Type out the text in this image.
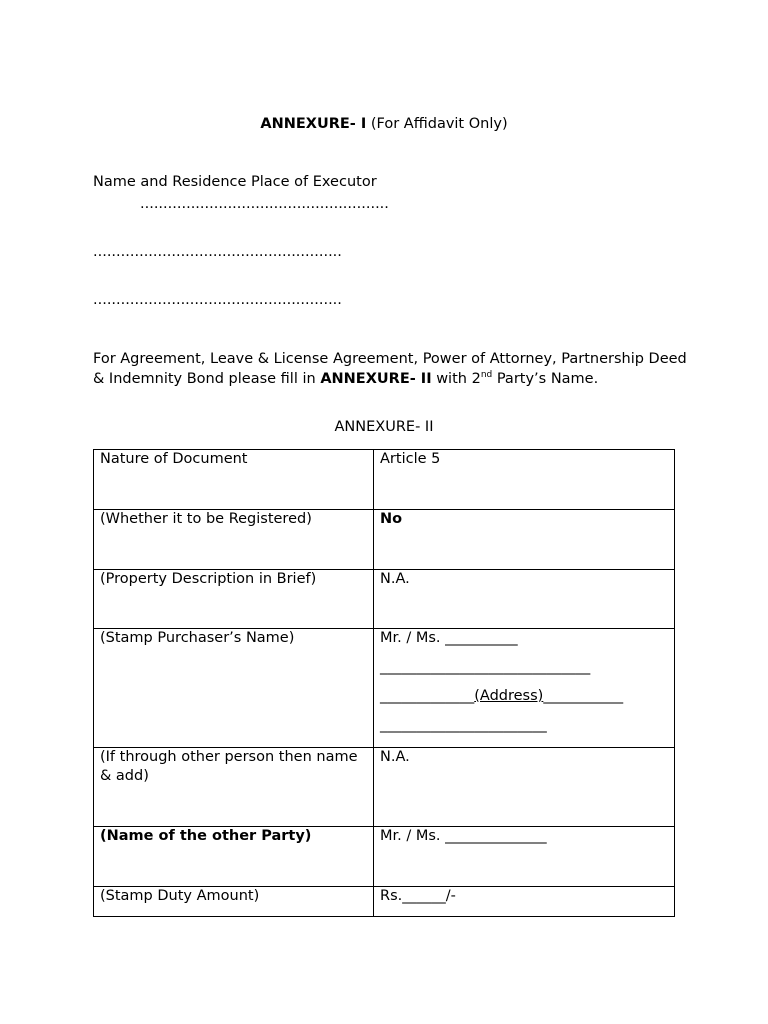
ANNEXURE- I (For Affidavit Only)
Name and Residence Place of Executor
......................................................
......................................................
......................................................
For Agreement, Leave & License Agreement, Power of Attorney, Partnership Deed & Indemnity Bond please fill in ANNEXURE- II with 2nd Party’s Name.
ANNEXURE- II
Nature of Document	Article 5
(Whether it to be Registered)	No
(Property Description in Brief)	N.A.
(Stamp Purchaser’s Name)	Mr. / Ms. __________
_____________________________
_____________(Address)___________
_______________________

(If through other person then name & add)	N.A.
(Name of the other Party)	Mr. / Ms. ______________
(Stamp Duty Amount)	Rs.______/-
